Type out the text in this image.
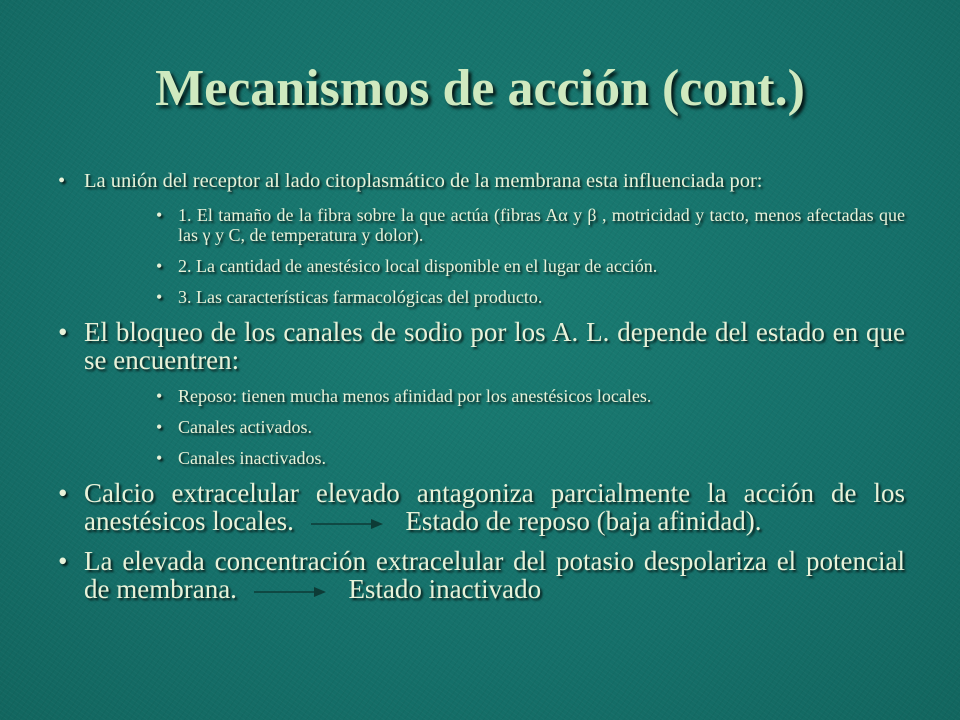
Mecanismos de acción (cont.)
• La unión del receptor al lado citoplasmático de la membrana esta influenciada por:
• 1. El tamaño de la fibra sobre la que actúa (fibras Aα y β , motricidad y tacto, menos afectadas que las γ y C, de temperatura y dolor).
• 2. La cantidad de anestésico local disponible en el lugar de acción.
• 3. Las características farmacológicas del producto.
• El bloqueo de los canales de sodio por los A. L. depende del estado en que se encuentren:
• Reposo: tienen mucha menos afinidad por los anestésicos locales.
• Canales activados.
• Canales inactivados.
• Calcio extracelular elevado antagoniza parcialmente la acción de los anestésicos locales.	Estado de reposo (baja afinidad).
• La elevada concentración extracelular del potasio despolariza el potencial de membrana.	Estado inactivado
